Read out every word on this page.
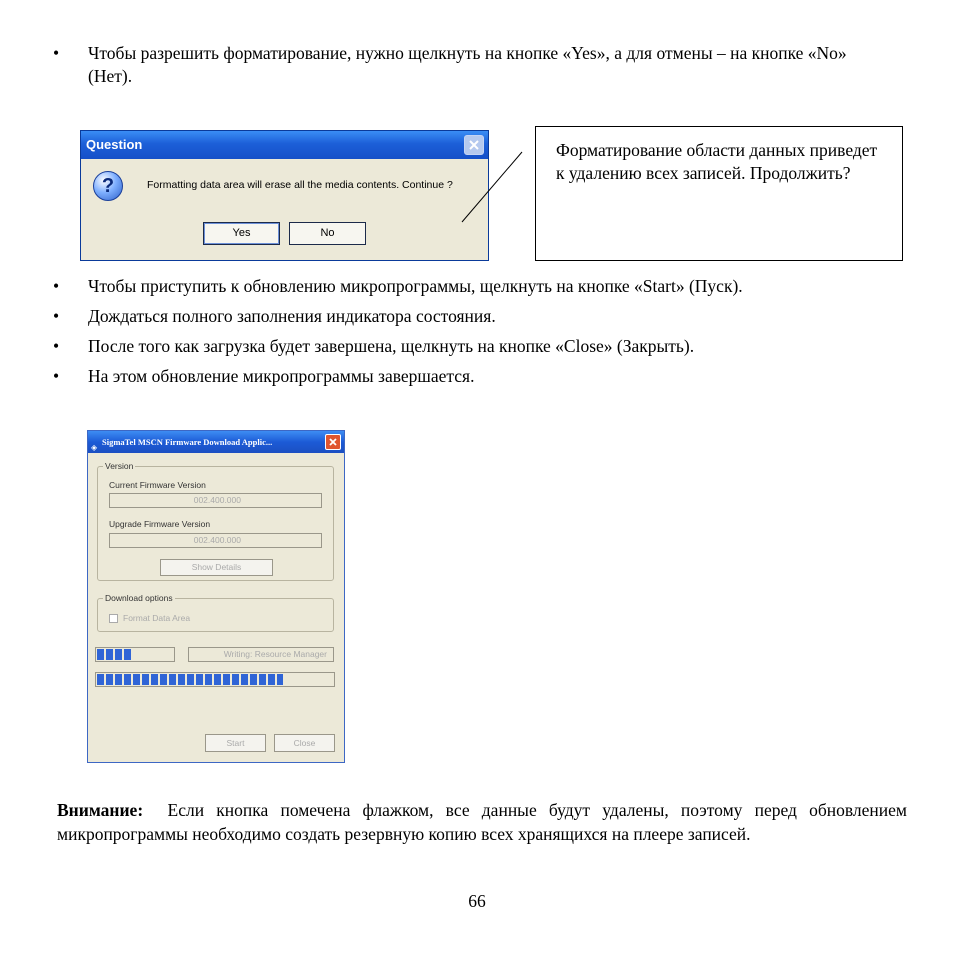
• Чтобы разрешить форматирование, нужно щелкнуть на кнопке «Yes», а для отмены – на кнопке «No» (Нет).
Question
?	Formatting data area will erase all the media contents. Continue ?
Yes	No
Форматирование области данных приведет к удалению всех записей. Продолжить?
• Чтобы приступить к обновлению микропрограммы, щелкнуть на кнопке «Start» (Пуск).
• Дождаться полного заполнения индикатора состояния.
• После того как загрузка будет завершена, щелкнуть на кнопке «Close» (Закрыть).
• На этом обновление микропрограммы завершается.
◈
SigmaTel MSCN Firmware Download Applic...
Version
Current Firmware Version
002.400.000
Upgrade Firmware Version
002.400.000
Show Details
Download options
Format Data Area
Writing: Resource Manager
Start	Close
Внимание: Если кнопка помечена флажком, все данные будут удалены, поэтому перед обновлением микропрограммы необходимо создать резервную копию всех хранящихся на плеере записей.
66
